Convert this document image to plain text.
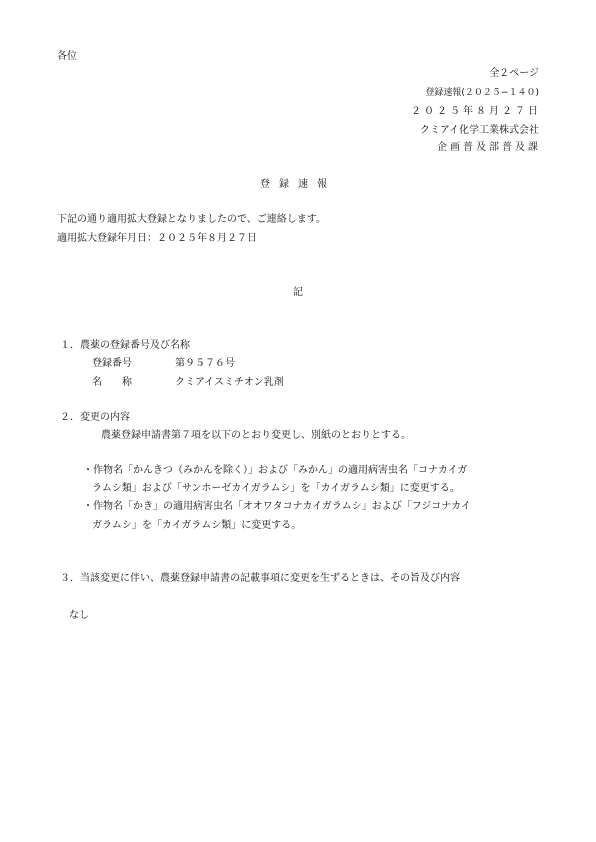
各位
全２ページ
登録速報(２０２５−１４０)
２０２５年８月２７日
クミアイ化学工業株式会社
企画普及部普及課
登録速報
下記の通り適用拡大登録となりましたので、ご連絡します。
適用拡大登録年月日：２０２５年８月２７日
記
１．農薬の登録番号及び名称
登録番号	第９５７６号
名　　称	クミアイスミチオン乳剤
２．変更の内容
農薬登録申請書第７項を以下のとおり変更し、別紙のとおりとする。
・作物名「かんきつ（みかんを除く）」および「みかん」の適用病害虫名「コナカイガ
ラムシ類」および「サンホーゼカイガラムシ」を「カイガラムシ類」に変更する。
・作物名「かき」の適用病害虫名「オオワタコナカイガラムシ」および「フジコナカイ
ガラムシ」を「カイガラムシ類」に変更する。
３．当該変更に伴い、農薬登録申請書の記載事項に変更を生ずるときは、その旨及び内容
なし
